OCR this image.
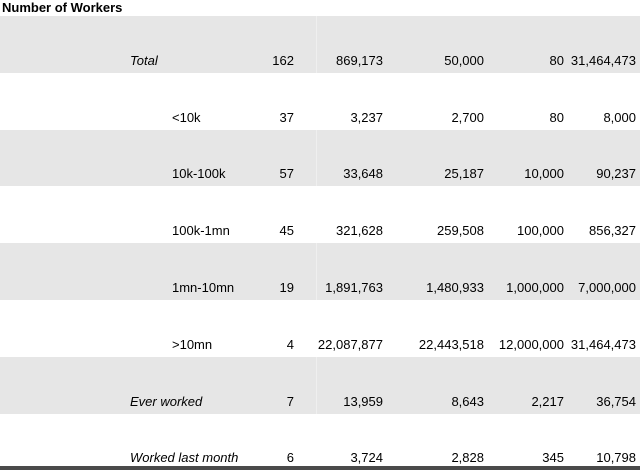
Number of Workers
Total	162	869,173	50,000	80 31,464,473
<10k	37	3,237	2,700	80	8,000
10k-100k	57	33,648	25,187	10,000 90,237
100k-1mn	45	321,628	259,508	100,000 856,327
1mn-10mn	19 1,891,763	1,480,933 1,000,000 7,000,000
>10mn	4 22,087,877	22,443,518 12,000,000 31,464,473
Ever worked	7	13,959	8,643	2,217 36,754
Worked last month	6	3,724	2,828	345 10,798
